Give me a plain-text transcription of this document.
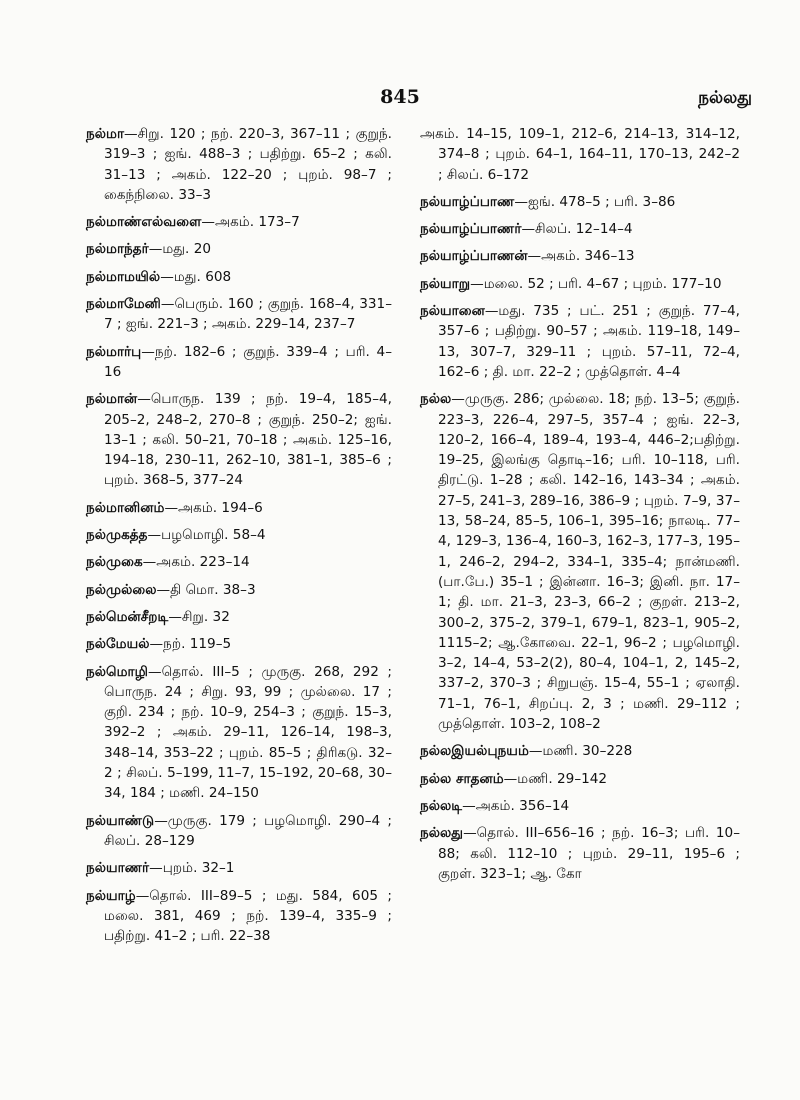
845	நல்லது

நல்மா—சிறு. 120 ; நற். 220–3, 367–11 ; குறுந். 319–3 ; ஐங். 488–3 ; பதிற்று. 65–2 ; கலி. 31–13 ; அகம். 122–20 ; புறம். 98–7 ; கைந்நிலை. 33–3

நல்மாண்எல்வளை—அகம். 173–7

நல்மாந்தர்—மது. 20

நல்மாமயில்—மது. 608

நல்மாமேனி—பெரும். 160 ; குறுந். 168–4, 331–7 ; ஐங். 221–3 ; அகம். 229–14, 237–7

நல்மார்பு—நற். 182–6 ; குறுந். 339–4 ; பரி. 4–16

நல்மான்—பொருந. 139 ; நற். 19–4, 185–4, 205–2, 248–2, 270–8 ; குறுந். 250–2; ஐங். 13–1 ; கலி. 50–21, 70–18 ; அகம். 125–16, 194–18, 230–11, 262–10, 381–1, 385–6 ; புறம். 368–5, 377–24

நல்மானினம்—அகம். 194–6

நல்முகத்த—பழமொழி. 58–4

நல்முகை—அகம். 223–14

நல்முல்லை—தி மொ. 38–3

நல்மென்சீறடி—சிறு. 32

நல்மேயல்—நற். 119–5

நல்மொழி—தொல். III–5 ; முருகு. 268, 292 ; பொருந. 24 ; சிறு. 93, 99 ; முல்லை. 17 ; குறி. 234 ; நற். 10–9, 254–3 ; குறுந். 15–3, 392–2 ; அகம். 29–11, 126–14, 198–3, 348–14, 353–22 ; புறம். 85–5 ; திரிகடு. 32–2 ; சிலப். 5–199, 11–7, 15–192, 20–68, 30–34, 184 ; மணி. 24–150

நல்யாண்டு—முருகு. 179 ; பழமொழி. 290–4 ; சிலப். 28–129

நல்யாணர்—புறம். 32–1

நல்யாழ்—தொல். III–89–5 ; மது. 584, 605 ; மலை. 381, 469 ; நற். 139–4, 335–9 ; பதிற்று. 41–2 ; பரி. 22–38

அகம். 14–15, 109–1, 212–6, 214–13, 314–12, 374–8 ; புறம். 64–1, 164–11, 170–13, 242–2 ; சிலப். 6–172

நல்யாழ்ப்பாண—ஐங். 478–5 ; பரி. 3–86

நல்யாழ்ப்பாணர்—சிலப். 12–14–4

நல்யாழ்ப்பாணன்—அகம். 346–13

நல்யாறு—மலை. 52 ; பரி. 4–67 ; புறம். 177–10

நல்யானை—மது. 735 ; பட். 251 ; குறுந். 77–4, 357–6 ; பதிற்று. 90–57 ; அகம். 119–18, 149–13, 307–7, 329–11 ; புறம். 57–11, 72–4, 162–6 ; தி. மா. 22–2 ; முத்தொள். 4–4

நல்ல—முருகு. 286; முல்லை. 18; நற். 13–5; குறுந். 223–3, 226–4, 297–5, 357–4 ; ஐங். 22–3, 120–2, 166–4, 189–4, 193–4, 446–2;பதிற்று. 19–25, இலங்கு தொடி–16; பரி. 10–118, பரி. திரட்டு. 1–28 ; கலி. 142–16, 143–34 ; அகம். 27–5, 241–3, 289–16, 386–9 ; புறம். 7–9, 37–13, 58–24, 85–5, 106–1, 395–16; நாலடி. 77–4, 129–3, 136–4, 160–3, 162–3, 177–3, 195–1, 246–2, 294–2, 334–1, 335–4; நான்மணி. (பா.பே.) 35–1 ; இன்னா. 16–3; இனி. நா. 17–1; தி. மா. 21–3, 23–3, 66–2 ; குறள். 213–2, 300–2, 375–2, 379–1, 679–1, 823–1, 905–2, 1115–2; ஆ.கோவை. 22–1, 96–2 ; பழமொழி. 3–2, 14–4, 53–2(2), 80–4, 104–1, 2, 145–2, 337–2, 370–3 ; சிறுபஞ். 15–4, 55–1 ; ஏலாதி. 71–1, 76–1, சிறப்பு. 2, 3 ; மணி. 29–112 ; முத்தொள். 103–2, 108–2

நல்லஇயல்புநயம்—மணி. 30–228

நல்ல சாதனம்—மணி. 29–142

நல்லடி—அகம். 356–14

நல்லது—தொல். III–656–16 ; நற். 16–3; பரி. 10–88; கலி. 112–10 ; புறம். 29–11, 195–6 ; குறள். 323–1; ஆ. கோ
